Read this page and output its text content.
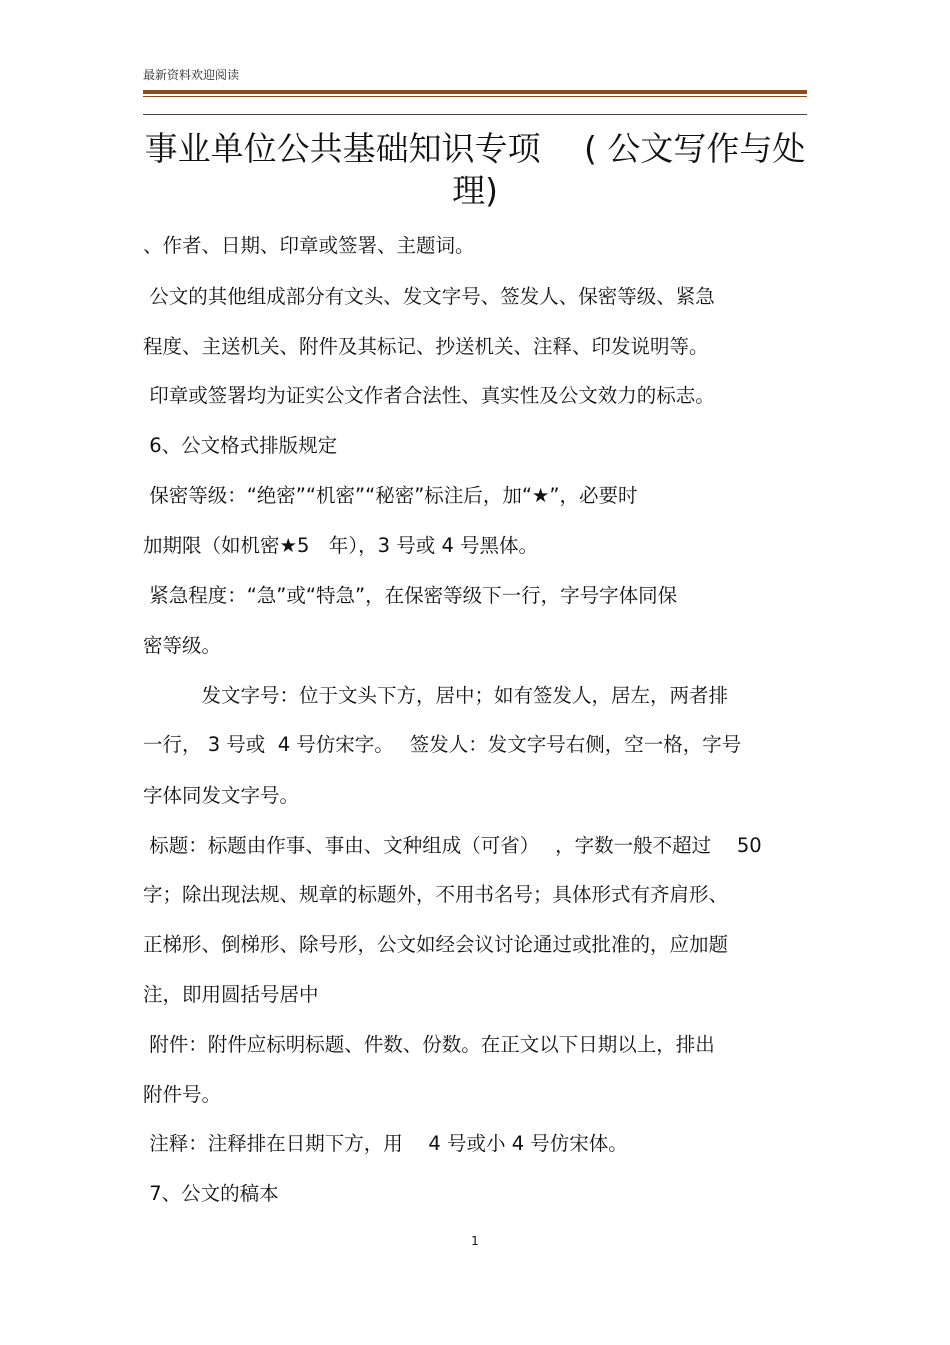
最新资料欢迎阅读
事业单位公共基础知识专项　 ( 公文写作与处
理)
、作者、日期、印章或签署、主题词。
公文的其他组成部分有文头、发文字号、签发人、保密等级、紧急
程度、主送机关、附件及其标记、抄送机关、注释、印发说明等。
印章或签署均为证实公文作者合法性、真实性及公文效力的标志。
6、公文格式排版规定
保密等级：“绝密”“机密”“秘密”标注后，加“★”，必要时
加期限（如机密★5　年），3 号或 4 号黑体。
紧急程度：“急”或“特急”，在保密等级下一行，字号字体同保
密等级。
　　　发文字号：位于文头下方，居中；如有签发人，居左，两者排
一行， 3 号或  4 号仿宋字。　 签发人：发文字号右侧，空一格，字号
字体同发文字号。
标题：标题由作事、事由、文种组成（可省）　 ，字数一般不超过　 50
字；除出现法规、规章的标题外，不用书名号；具体形式有齐肩形、
正梯形、倒梯形、除号形，公文如经会议讨论通过或批准的，应加题
注，即用圆括号居中
附件：附件应标明标题、件数、份数。在正文以下日期以上，排出
附件号。
注释：注释排在日期下方，用　 4 号或小 4 号仿宋体。
7、公文的稿本
1
